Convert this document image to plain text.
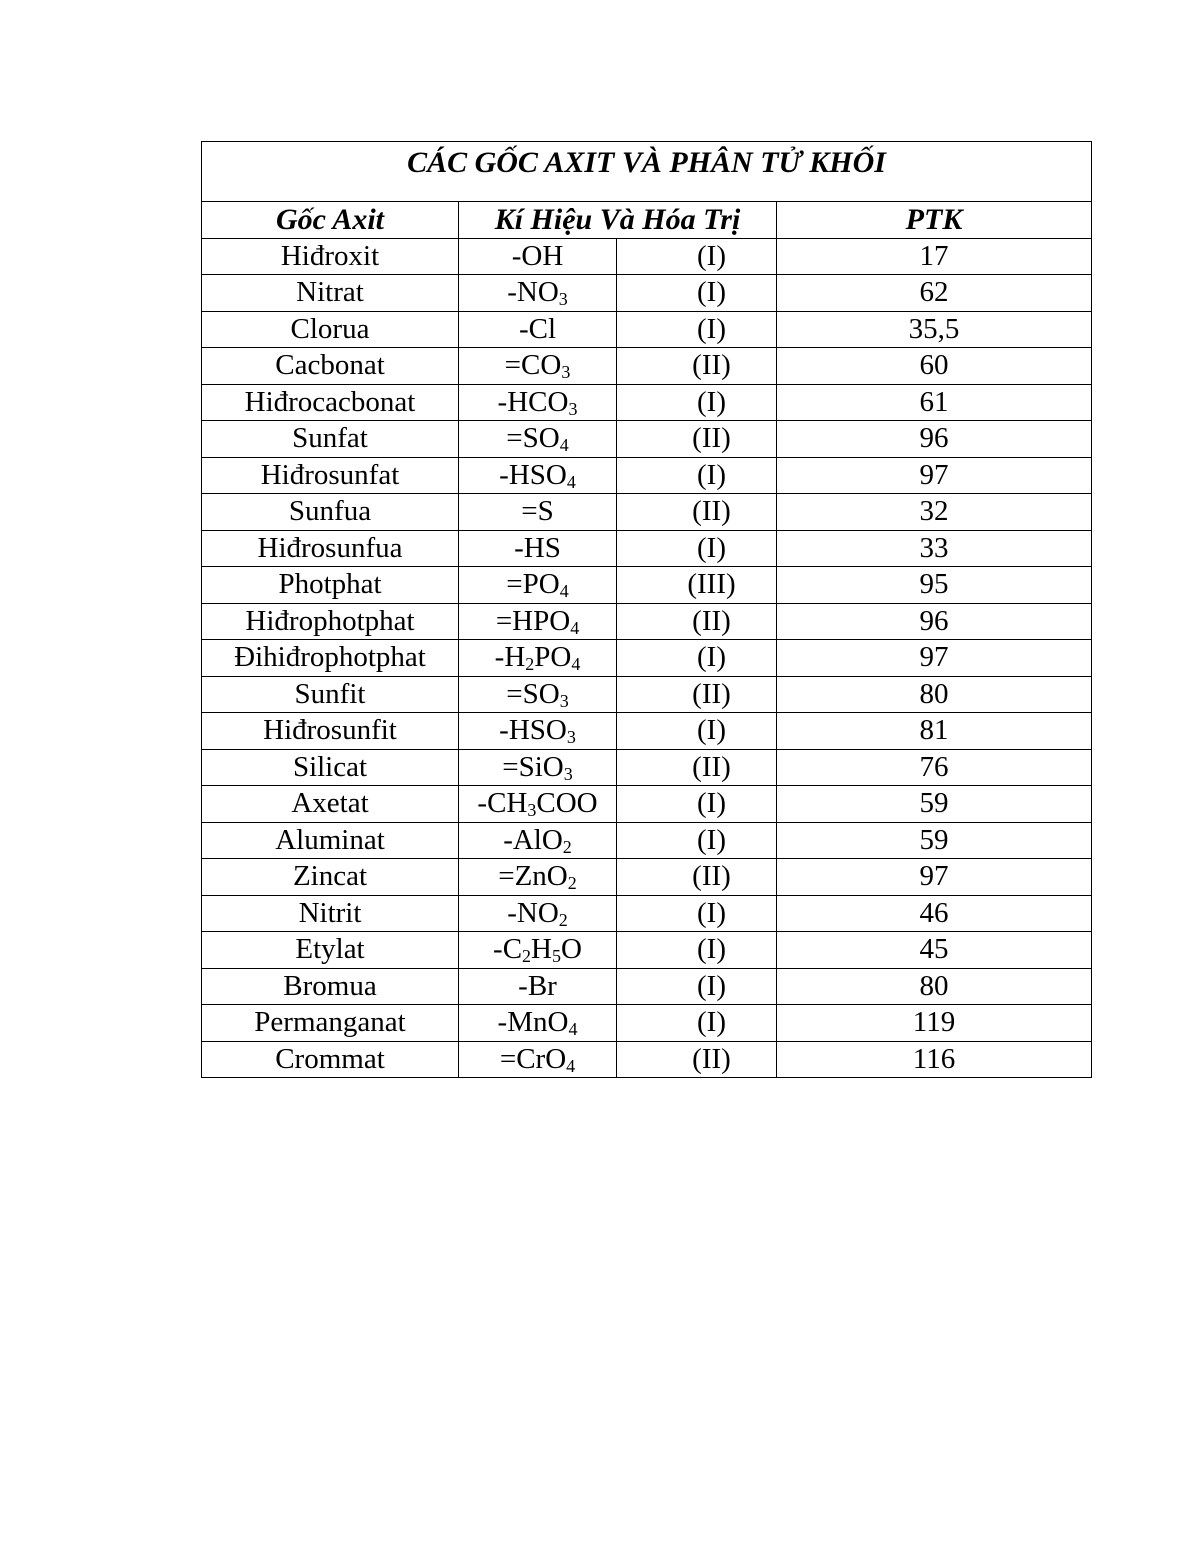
CÁC GỐC AXIT VÀ PHÂN TỬ KHỐI			
Gốc Axit	Kí Hiệu Và Hóa Trị		PTK
Hiđroxit	-OH	(I)	17
Nitrat	$-NO_3$	(I)	62
Clorua	-Cl	(I)	35,5
Cacbonat	$=CO_3$	(II)	60
Hiđrocacbonat	$-HCO_3$	(I)	61
Sunfat	$=SO_4$	(II)	96
Hiđrosunfat	$-HSO_4$	(I)	97
Sunfua	=S	(II)	32
Hiđrosunfua	-HS	(I)	33
Photphat	$=PO_4$	(III)	95
Hiđrophotphat	$=HPO_4$	(II)	96
Đihiđrophotphat	$-H_2PO_4$	(I)	97
Sunfit	$=SO_3$	(II)	80
Hiđrosunfit	$-HSO_3$	(I)	81
Silicat	=SiO$_3$	(II)	76
Axetat	$-CH_3COO$	(I)	59
Aluminat	-AlO$_2$	(I)	59
Zincat	=ZnO$_2$	(II)	97
Nitrit	$-NO_2$	(I)	46
Etylat	$-C_2H_5O$	(I)	45
Bromua	-Br	(I)	80
Permanganat	-MnO$_4$	(I)	119
Crommat	=CrO$_4$	(II)	116
